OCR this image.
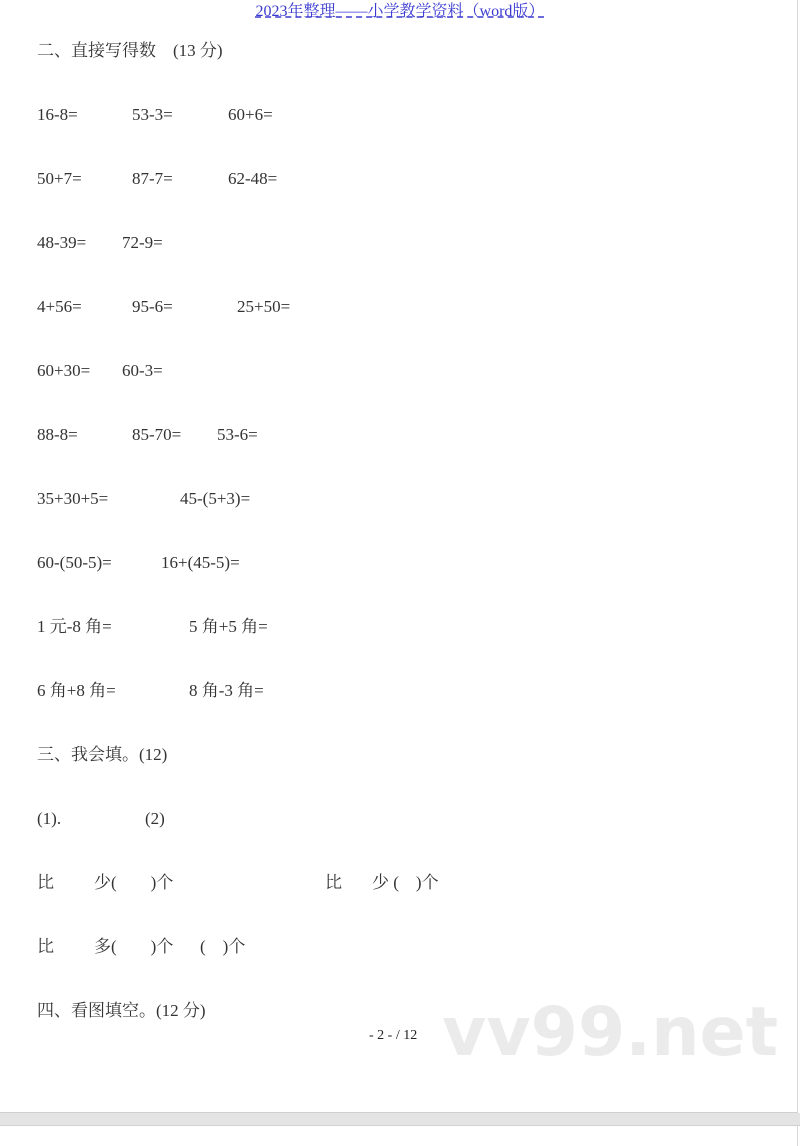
2023年整理——小学教学资料（word版）
二、直接写得数　(13 分)
16-8=	53-3=	60+6=
50+7=	87-7=	62-48=
48-39= 72-9=
4+56=	95-6=	25+50=
60+30= 60-3=
88-8=	85-70= 53-6=
35+30+5=	45-(5+3)=
60-(50-5)=	16+(45-5)=
1 元-8 角=	5 角+5 角=
6 角+8 角=	8 角-3 角=
三、我会填。(12)
(1).	(2)
比 少(　　)个	比 少 (　)个
比 多(　　)个 (　)个
vv99.net
四、看图填空。(12 分)
- 2 - / 12
